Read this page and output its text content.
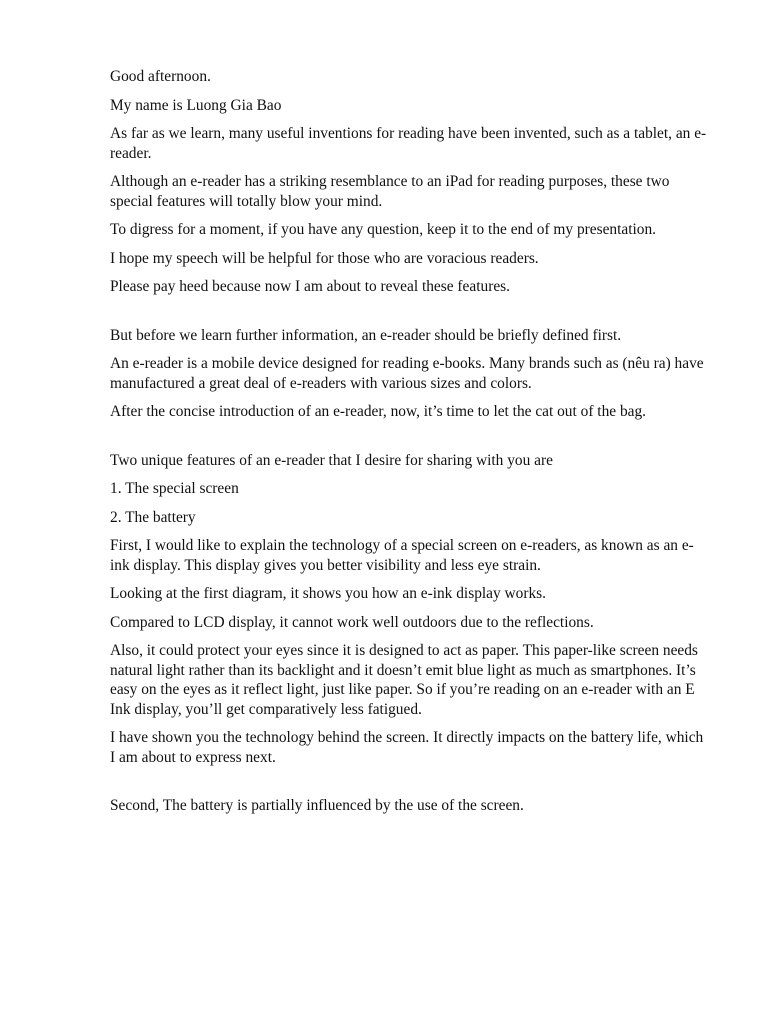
Good afternoon.

My name is Luong Gia Bao

As far as we learn, many useful inventions for reading have been invented, such as a tablet, an e-reader.

Although an e-reader has a striking resemblance to an iPad for reading purposes, these two special features will totally blow your mind.

To digress for a moment, if you have any question, keep it to the end of my presentation.

I hope my speech will be helpful for those who are voracious readers.

Please pay heed because now I am about to reveal these features.

But before we learn further information, an e-reader should be briefly defined first.

An e-reader is a mobile device designed for reading e-books. Many brands such as (nêu ra) have manufactured a great deal of e-readers with various sizes and colors.

After the concise introduction of an e-reader, now, it’s time to let the cat out of the bag.

Two unique features of an e-reader that I desire for sharing with you are

1. The special screen

2. The battery

First, I would like to explain the technology of a special screen on e-readers, as known as an e-ink display. This display gives you better visibility and less eye strain.

Looking at the first diagram, it shows you how an e-ink display works.

Compared to LCD display, it cannot work well outdoors due to the reflections.

Also, it could protect your eyes since it is designed to act as paper. This paper-like screen needs natural light rather than its backlight and it doesn’t emit blue light as much as smartphones. It’s easy on the eyes as it reflect light, just like paper. So if you’re reading on an e-reader with an E Ink display, you’ll get comparatively less fatigued.

I have shown you the technology behind the screen. It directly impacts on the battery life, which I am about to express next.

Second, The battery is partially influenced by the use of the screen.
